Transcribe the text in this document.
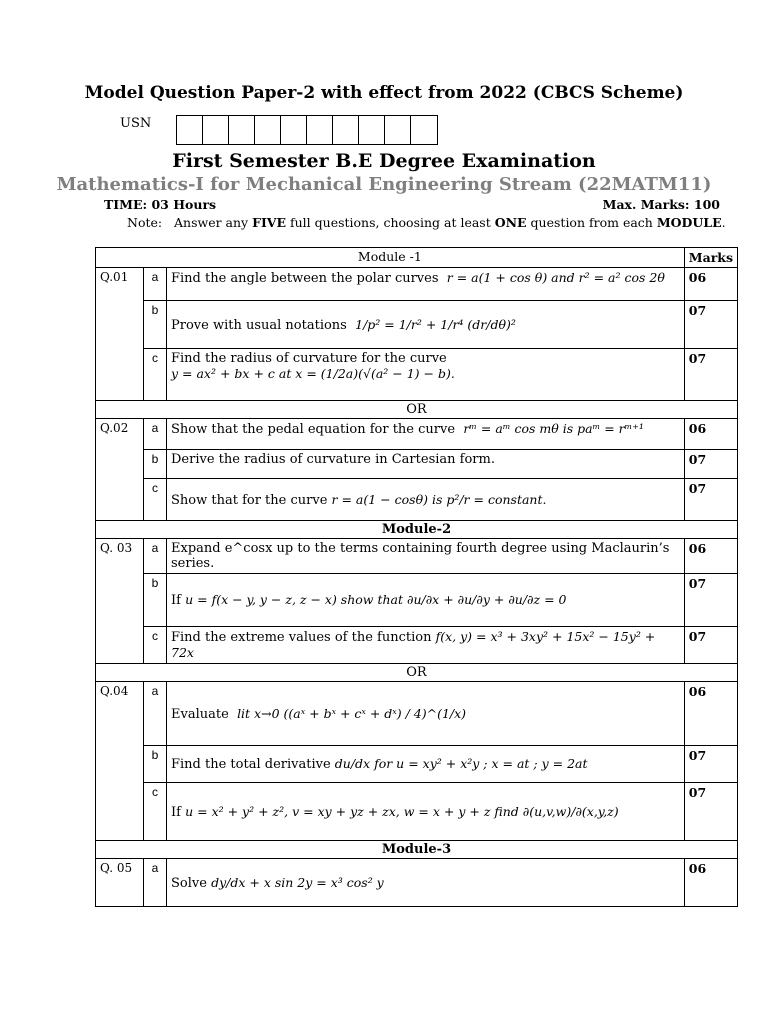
Model Question Paper-2 with effect from 2022 (CBCS Scheme)
USN
First Semester B.E Degree Examination
Mathematics-I for Mechanical Engineering Stream (22MATM11)
TIME: 03 Hours	Max. Marks: 100
Note: Answer any FIVE full questions, choosing at least ONE question from each MODULE.
Module -1			Marks
Q.01	a	Find the angle between the polar curves r = a(1 + cos θ) and r² = a² cos 2θ	06
	b	Prove with usual notations 1/p² = 1/r² + 1/r⁴ (dr/dθ)²	07
	c	Find the radius of curvature for the curve
y = ax² + bx + c at x = (1/2a)(√(a² − 1) − b).	07
OR			
Q.02	a	Show that the pedal equation for the curve rᵐ = aᵐ cos mθ is paᵐ = rᵐ⁺¹	06
	b	Derive the radius of curvature in Cartesian form.	07
	c	Show that for the curve r = a(1 − cosθ) is p²/r = constant.	07
Module-2			
Q. 03	a	Expand e^cosx up to the terms containing fourth degree using Maclaurin’s series.	06
	b	If u = f(x − y, y − z, z − x) show that ∂u/∂x + ∂u/∂y + ∂u/∂z = 0	07
	c	Find the extreme values of the function f(x, y) = x³ + 3xy² + 15x² − 15y² + 72x	07
OR			
Q.04	a	Evaluate lit x→0 ((aˣ + bˣ + cˣ + dˣ) / 4)^(1/x)	06
	b	Find the total derivative du/dx for u = xy² + x²y ; x = at ; y = 2at	07
	c	If u = x² + y² + z², v = xy + yz + zx, w = x + y + z find ∂(u,v,w)/∂(x,y,z)	07
Module-3			
Q. 05	a	Solve dy/dx + x sin 2y = x³ cos² y	06
